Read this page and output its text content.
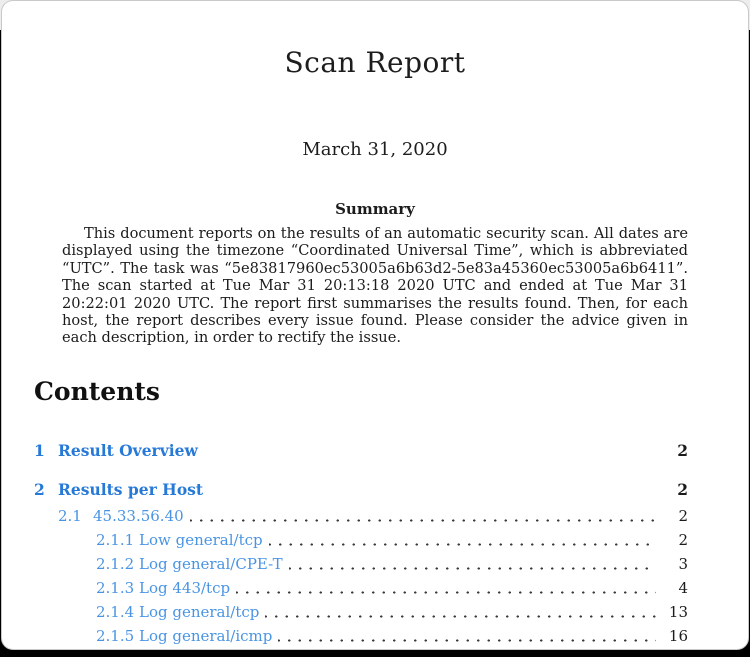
Scan Report
March 31, 2020
Summary

This document reports on the results of an automatic security scan. All dates are displayed using the timezone “Coordinated Universal Time”, which is abbreviated “UTC”. The task was “5e83817960ec53005a6b63d2-5e83a45360ec53005a6b6411”. The scan started at Tue Mar 31 20:13:18 2020 UTC and ended at Tue Mar 31 20:22:01 2020 UTC. The report first summarises the results found. Then, for each host, the report describes every issue found. Please consider the advice given in each description, in order to rectify the issue.

Contents
1 Result Overview	2
2 Results per Host	2
2.1 45.33.56.40	2
2.1.1 Low general/tcp	2
2.1.2 Log general/CPE-T	3
2.1.3 Log 443/tcp	4
2.1.4 Log general/tcp	13
2.1.5 Log general/icmp	16
